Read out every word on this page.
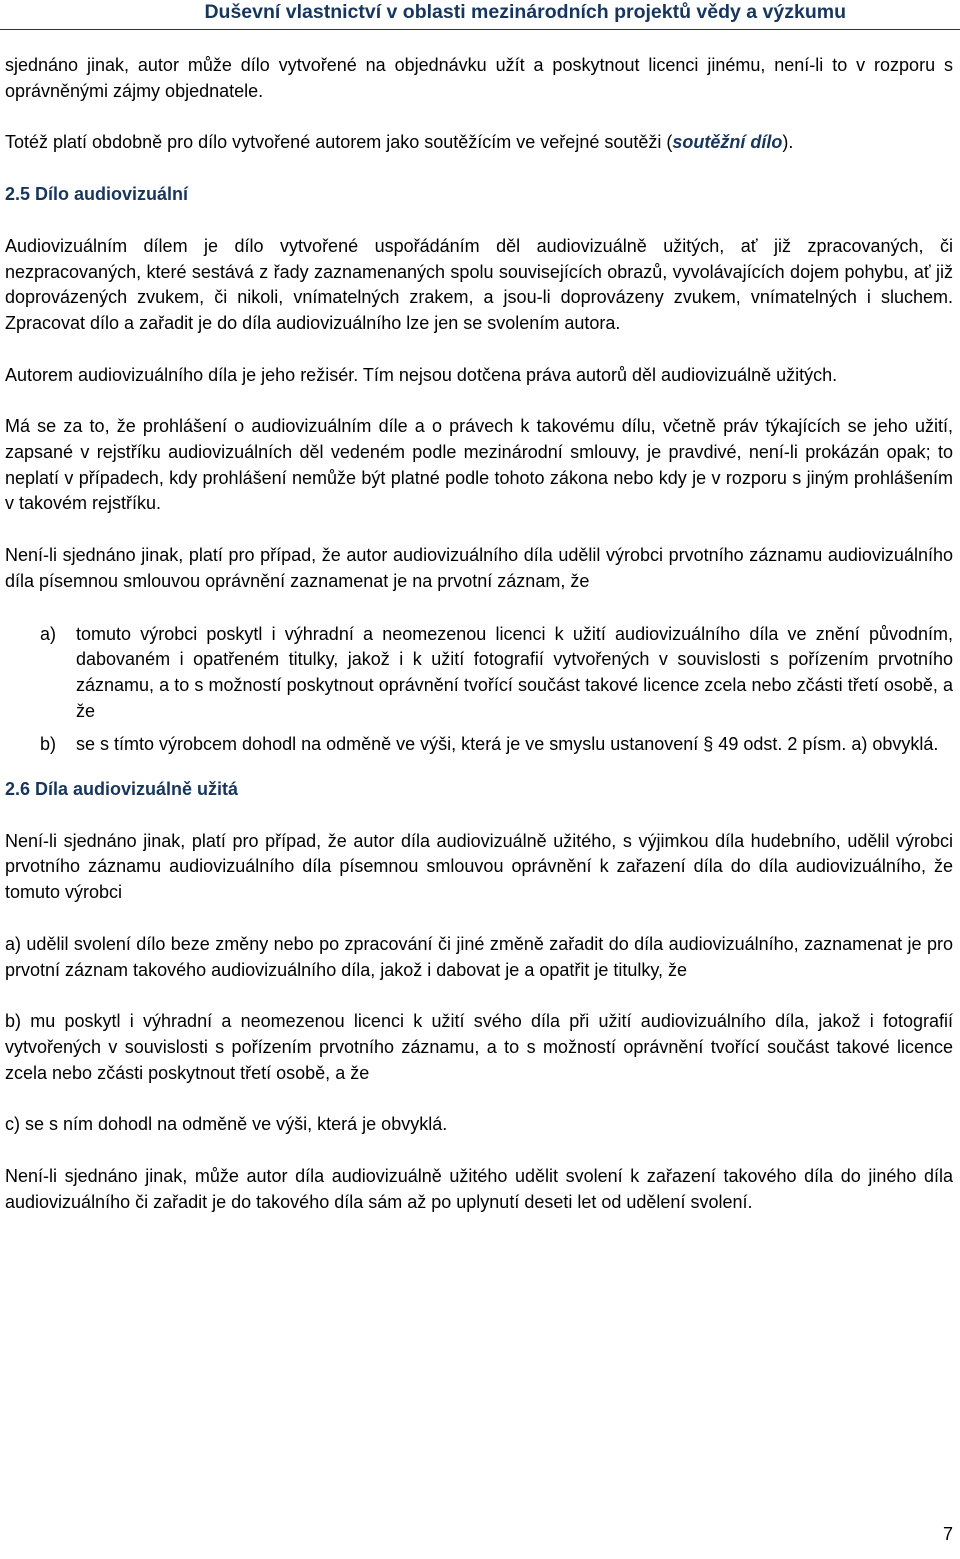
Duševní vlastnictví v oblasti mezinárodních projektů vědy a výzkumu

sjednáno jinak, autor může dílo vytvořené na objednávku užít a poskytnout licenci jinému, není-li to v rozporu s oprávněnými zájmy objednatele.

Totéž platí obdobně pro dílo vytvořené autorem jako soutěžícím ve veřejné soutěži (soutěžní dílo).

2.5 Dílo audiovizuální

Audiovizuálním dílem je dílo vytvořené uspořádáním děl audiovizuálně užitých, ať již zpracovaných, či nezpracovaných, které sestává z řady zaznamenaných spolu souvisejících obrazů, vyvolávajících dojem pohybu, ať již doprovázených zvukem, či nikoli, vnímatelných zrakem, a jsou-li doprovázeny zvukem, vnímatelných i sluchem. Zpracovat dílo a zařadit je do díla audiovizuálního lze jen se svolením autora.

Autorem audiovizuálního díla je jeho režisér. Tím nejsou dotčena práva autorů děl audiovizuálně užitých.

Má se za to, že prohlášení o audiovizuálním díle a o právech k takovému dílu, včetně práv týkajících se jeho užití, zapsané v rejstříku audiovizuálních děl vedeném podle mezinárodní smlouvy, je pravdivé, není-li prokázán opak; to neplatí v případech, kdy prohlášení nemůže být platné podle tohoto zákona nebo kdy je v rozporu s jiným prohlášením v takovém rejstříku.

Není-li sjednáno jinak, platí pro případ, že autor audiovizuálního díla udělil výrobci prvotního záznamu audiovizuálního díla písemnou smlouvou oprávnění zaznamenat je na prvotní záznam, že

a) tomuto výrobci poskytl i výhradní a neomezenou licenci k užití audiovizuálního díla ve znění původním, dabovaném i opatřeném titulky, jakož i k užití fotografií vytvořených v souvislosti s pořízením prvotního záznamu, a to s možností poskytnout oprávnění tvořící součást takové licence zcela nebo zčásti třetí osobě, a že
b) se s tímto výrobcem dohodl na odměně ve výši, která je ve smyslu ustanovení § 49 odst. 2 písm. a) obvyklá.

2.6 Díla audiovizuálně užitá

Není-li sjednáno jinak, platí pro případ, že autor díla audiovizuálně užitého, s výjimkou díla hudebního, udělil výrobci prvotního záznamu audiovizuálního díla písemnou smlouvou oprávnění k zařazení díla do díla audiovizuálního, že tomuto výrobci

a) udělil svolení dílo beze změny nebo po zpracování či jiné změně zařadit do díla audiovizuálního, zaznamenat je pro prvotní záznam takového audiovizuálního díla, jakož i dabovat je a opatřit je titulky, že

b) mu poskytl i výhradní a neomezenou licenci k užití svého díla při užití audiovizuálního díla, jakož i fotografií vytvořených v souvislosti s pořízením prvotního záznamu, a to s možností oprávnění tvořící součást takové licence zcela nebo zčásti poskytnout třetí osobě, a že

c) se s ním dohodl na odměně ve výši, která je obvyklá.

Není-li sjednáno jinak, může autor díla audiovizuálně užitého udělit svolení k zařazení takového díla do jiného díla audiovizuálního či zařadit je do takového díla sám až po uplynutí deseti let od udělení svolení.

7
